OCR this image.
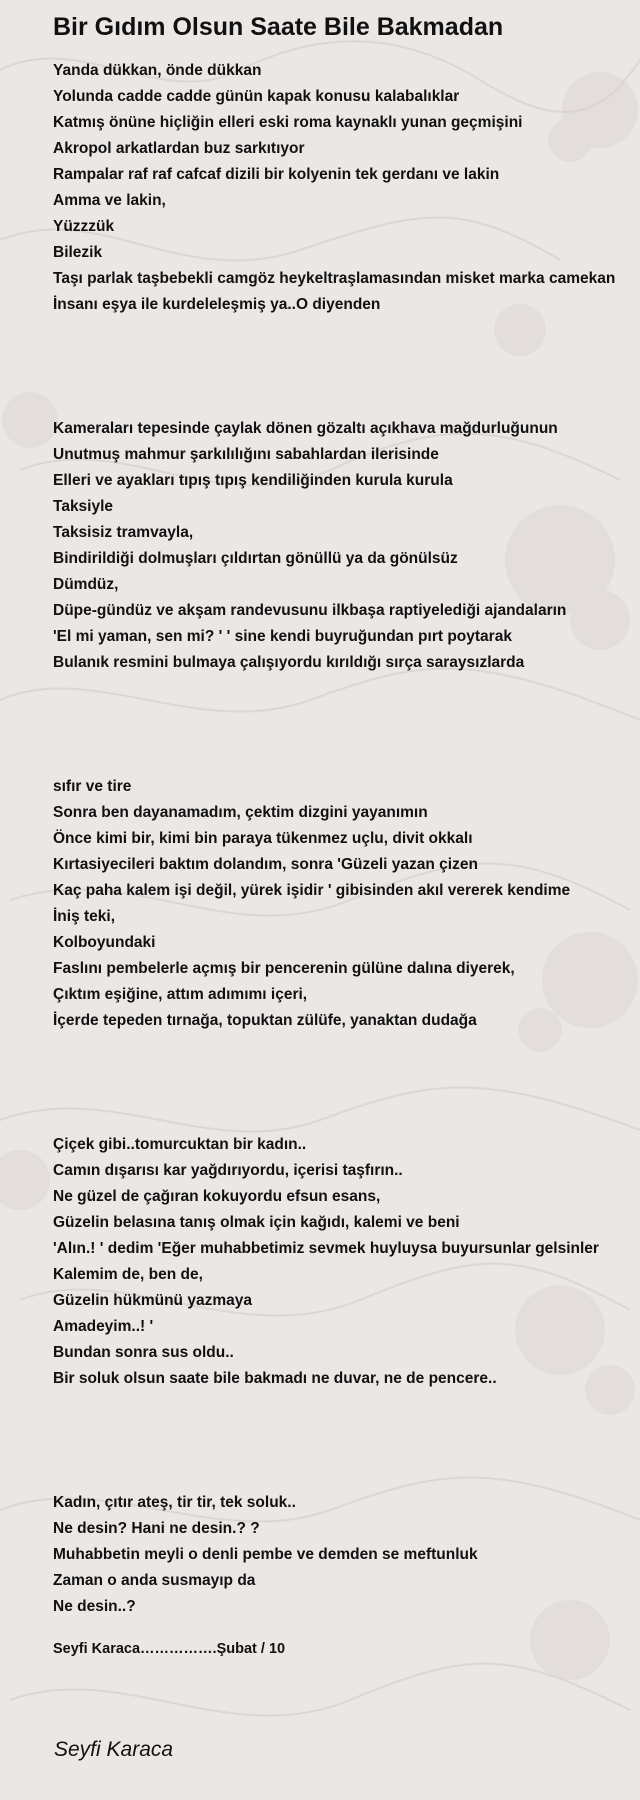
Bir Gıdım Olsun Saate Bile Bakmadan
Yanda dükkan, önde dükkan
Yolunda cadde cadde günün kapak konusu kalabalıklar
Katmış önüne hiçliğin elleri eski roma kaynaklı yunan geçmişini
Akropol arkatlardan buz sarkıtıyor
Rampalar raf raf cafcaf dizili bir kolyenin tek gerdanı ve lakin
Amma ve lakin,
Yüzzzük
Bilezik
Taşı parlak taşbebekli camgöz heykeltraşlamasından misket marka camekan
İnsanı eşya ile kurdeleleşmiş ya..O diyenden
Kameraları tepesinde çaylak dönen gözaltı açıkhava mağdurluğunun
Unutmuş mahmur şarkılılığını sabahlardan ilerisinde
Elleri ve ayakları tıpış tıpış kendiliğinden kurula kurula
Taksiyle
Taksisiz tramvayla,
Bindirildiği dolmuşları çıldırtan gönüllü ya da gönülsüz
Dümdüz,
Düpe-gündüz ve akşam randevusunu ilkbaşa raptiyelediği ajandaların
'El mi yaman, sen mi? ' ' sine kendi buyruğundan pırt poytarak
Bulanık resmini bulmaya çalışıyordu kırıldığı sırça saraysızlarda
sıfır ve tire
Sonra ben dayanamadım, çektim dizgini yayanımın
Önce kimi bir, kimi bin paraya tükenmez uçlu, divit okkalı
Kırtasiyecileri baktım dolandım, sonra 'Güzeli yazan çizen
Kaç paha kalem işi değil, yürek işidir ' gibisinden akıl vererek kendime
İniş teki,
Kolboyundaki
Faslını pembelerle açmış bir pencerenin gülüne dalına diyerek,
Çıktım eşiğine, attım adımımı içeri,
İçerde tepeden tırnağa, topuktan zülüfe, yanaktan dudağa
Çiçek gibi..tomurcuktan bir kadın..
Camın dışarısı kar yağdırıyordu, içerisi taşfırın..
Ne güzel de çağıran kokuyordu efsun esans,
Güzelin belasına tanış olmak için kağıdı, kalemi ve beni
'Alın.! ' dedim 'Eğer muhabbetimiz sevmek huyluysa buyursunlar gelsinler
Kalemim de, ben de,
Güzelin hükmünü yazmaya
Amadeyim..! '
Bundan sonra sus oldu..
Bir soluk olsun saate bile bakmadı ne duvar, ne de pencere..
Kadın, çıtır ateş, tir tir, tek soluk..
Ne desin? Hani ne desin.? ?
Muhabbetin meyli o denli pembe ve demden se meftunluk
Zaman o anda susmayıp da
Ne desin..?
Seyfi Karaca…………….Şubat / 10
Seyfi Karaca
